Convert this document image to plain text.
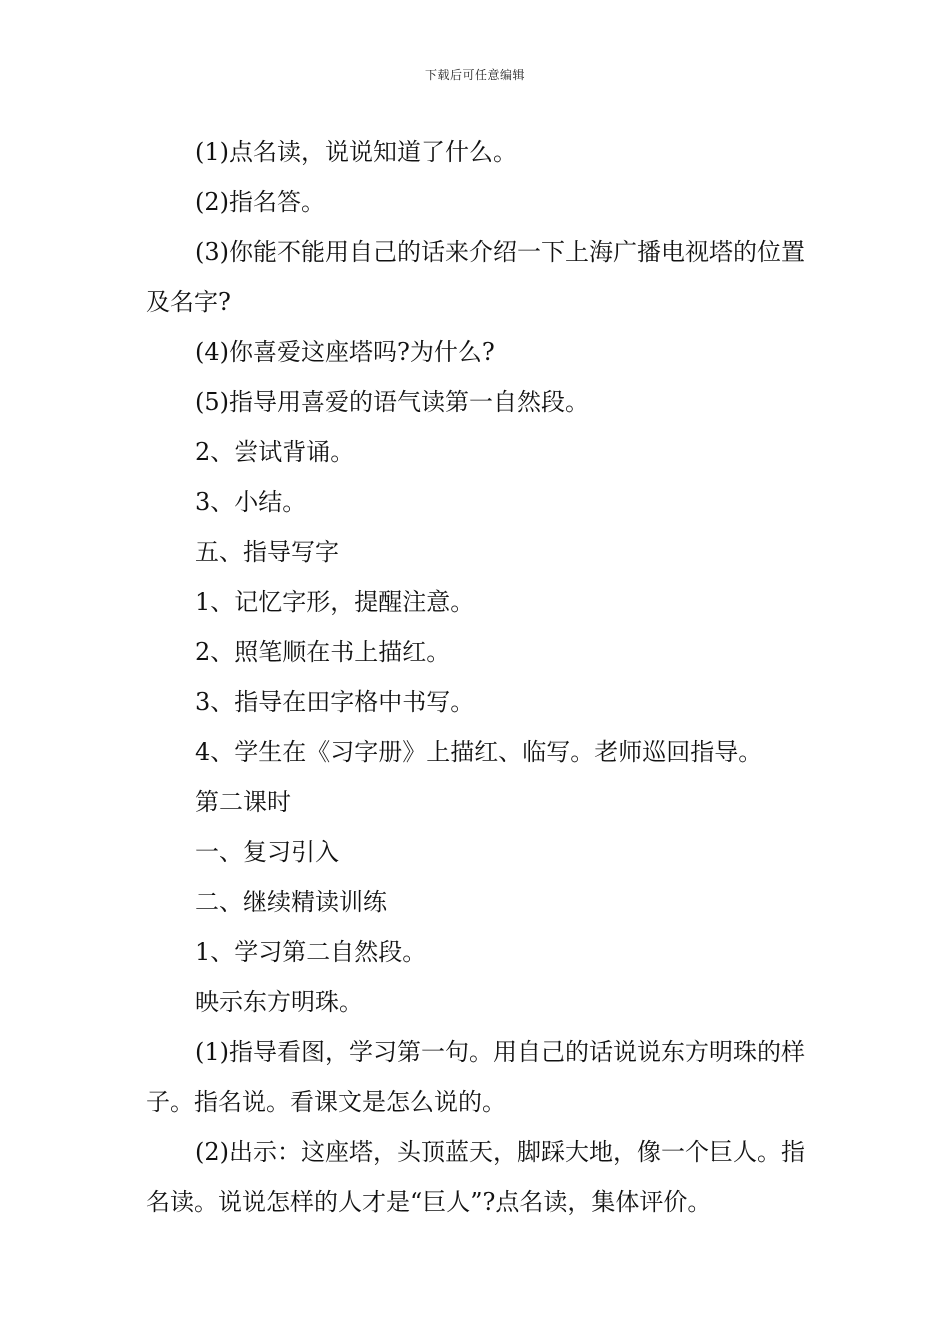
下载后可任意编辑

(1)点名读，说说知道了什么。

(2)指名答。

(3)你能不能用自己的话来介绍一下上海广播电视塔的位置及名字?

(4)你喜爱这座塔吗?为什么?

(5)指导用喜爱的语气读第一自然段。

2、尝试背诵。

3、小结。

五、指导写字

1、记忆字形，提醒注意。

2、照笔顺在书上描红。

3、指导在田字格中书写。

4、学生在《习字册》上描红、临写。老师巡回指导。

第二课时

一、复习引入

二、继续精读训练

1、学习第二自然段。

映示东方明珠。

(1)指导看图，学习第一句。用自己的话说说东方明珠的样子。指名说。看课文是怎么说的。

(2)出示：这座塔，头顶蓝天，脚踩大地，像一个巨人。指名读。说说怎样的人才是“巨人”?点名读，集体评价。
